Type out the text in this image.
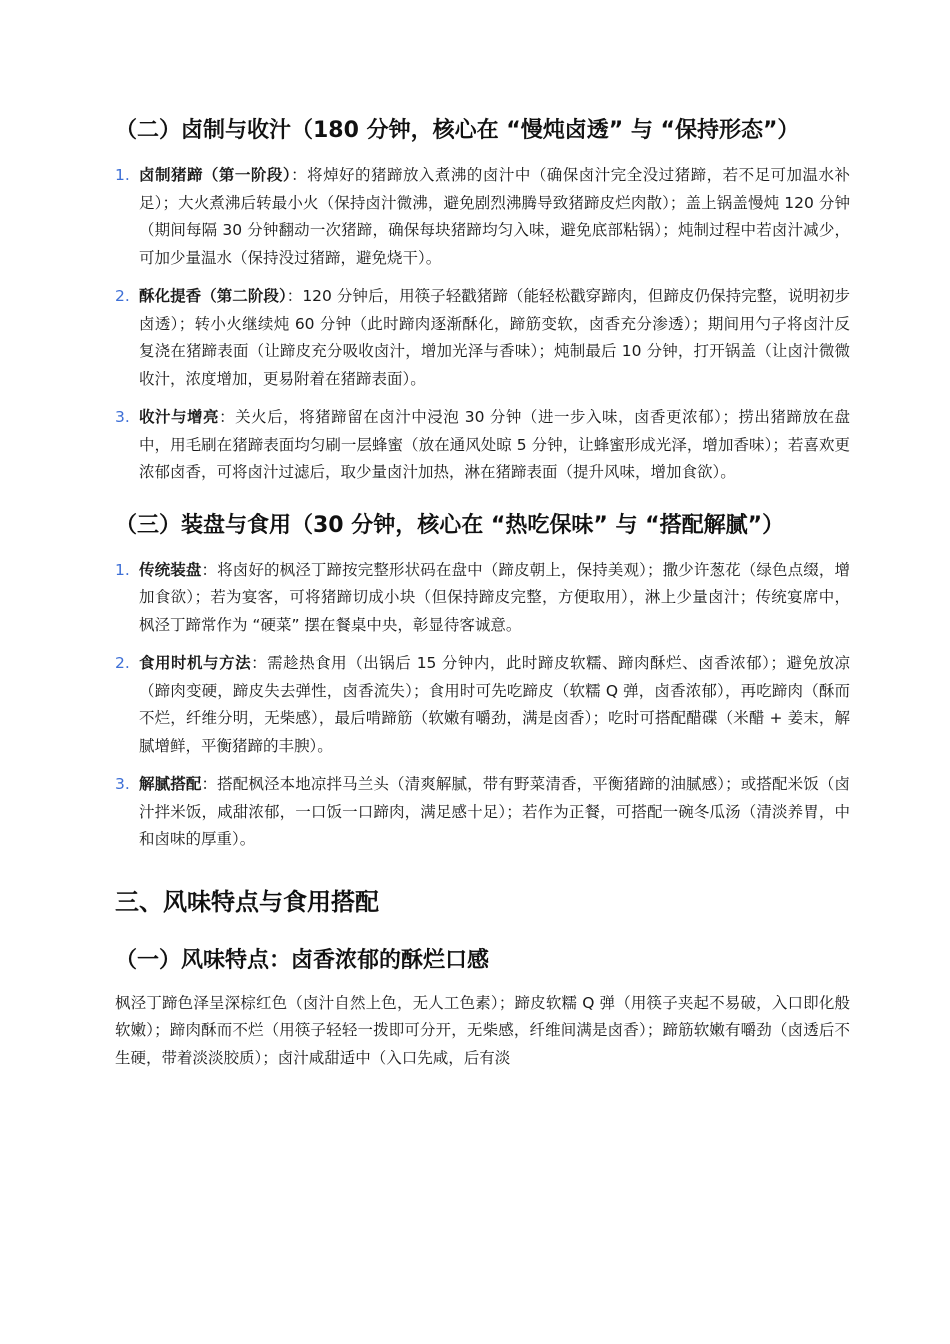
（二）卤制与收汁（180 分钟，核心在 “慢炖卤透” 与 “保持形态”）
1. 卤制猪蹄（第一阶段）：将焯好的猪蹄放入煮沸的卤汁中（确保卤汁完全没过猪蹄，若不足可加温水补足）；大火煮沸后转最小火（保持卤汁微沸，避免剧烈沸腾导致猪蹄皮烂肉散）；盖上锅盖慢炖 120 分钟（期间每隔 30 分钟翻动一次猪蹄，确保每块猪蹄均匀入味，避免底部粘锅）；炖制过程中若卤汁减少，可加少量温水（保持没过猪蹄，避免烧干）。
2. 酥化提香（第二阶段）：120 分钟后，用筷子轻戳猪蹄（能轻松戳穿蹄肉，但蹄皮仍保持完整，说明初步卤透）；转小火继续炖 60 分钟（此时蹄肉逐渐酥化，蹄筋变软，卤香充分渗透）；期间用勺子将卤汁反复浇在猪蹄表面（让蹄皮充分吸收卤汁，增加光泽与香味）；炖制最后 10 分钟，打开锅盖（让卤汁微微收汁，浓度增加，更易附着在猪蹄表面）。
3. 收汁与增亮：关火后，将猪蹄留在卤汁中浸泡 30 分钟（进一步入味，卤香更浓郁）；捞出猪蹄放在盘中，用毛刷在猪蹄表面均匀刷一层蜂蜜（放在通风处晾 5 分钟，让蜂蜜形成光泽，增加香味）；若喜欢更浓郁卤香，可将卤汁过滤后，取少量卤汁加热，淋在猪蹄表面（提升风味，增加食欲）。
（三）装盘与食用（30 分钟，核心在 “热吃保味” 与 “搭配解腻”）
1. 传统装盘：将卤好的枫泾丁蹄按完整形状码在盘中（蹄皮朝上，保持美观）；撒少许葱花（绿色点缀，增加食欲）；若为宴客，可将猪蹄切成小块（但保持蹄皮完整，方便取用），淋上少量卤汁；传统宴席中，枫泾丁蹄常作为 “硬菜” 摆在餐桌中央，彰显待客诚意。
2. 食用时机与方法：需趁热食用（出锅后 15 分钟内，此时蹄皮软糯、蹄肉酥烂、卤香浓郁）；避免放凉（蹄肉变硬，蹄皮失去弹性，卤香流失）；食用时可先吃蹄皮（软糯 Q 弹，卤香浓郁），再吃蹄肉（酥而不烂，纤维分明，无柴感），最后啃蹄筋（软嫩有嚼劲，满是卤香）；吃时可搭配醋碟（米醋 + 姜末，解腻增鲜，平衡猪蹄的丰腴）。
3. 解腻搭配：搭配枫泾本地凉拌马兰头（清爽解腻，带有野菜清香，平衡猪蹄的油腻感）；或搭配米饭（卤汁拌米饭，咸甜浓郁，一口饭一口蹄肉，满足感十足）；若作为正餐，可搭配一碗冬瓜汤（清淡养胃，中和卤味的厚重）。
三、风味特点与食用搭配
（一）风味特点：卤香浓郁的酥烂口感

枫泾丁蹄色泽呈深棕红色（卤汁自然上色，无人工色素）；蹄皮软糯 Q 弹（用筷子夹起不易破，入口即化般软嫩）；蹄肉酥而不烂（用筷子轻轻一拨即可分开，无柴感，纤维间满是卤香）；蹄筋软嫩有嚼劲（卤透后不生硬，带着淡淡胶质）；卤汁咸甜适中（入口先咸，后有淡
